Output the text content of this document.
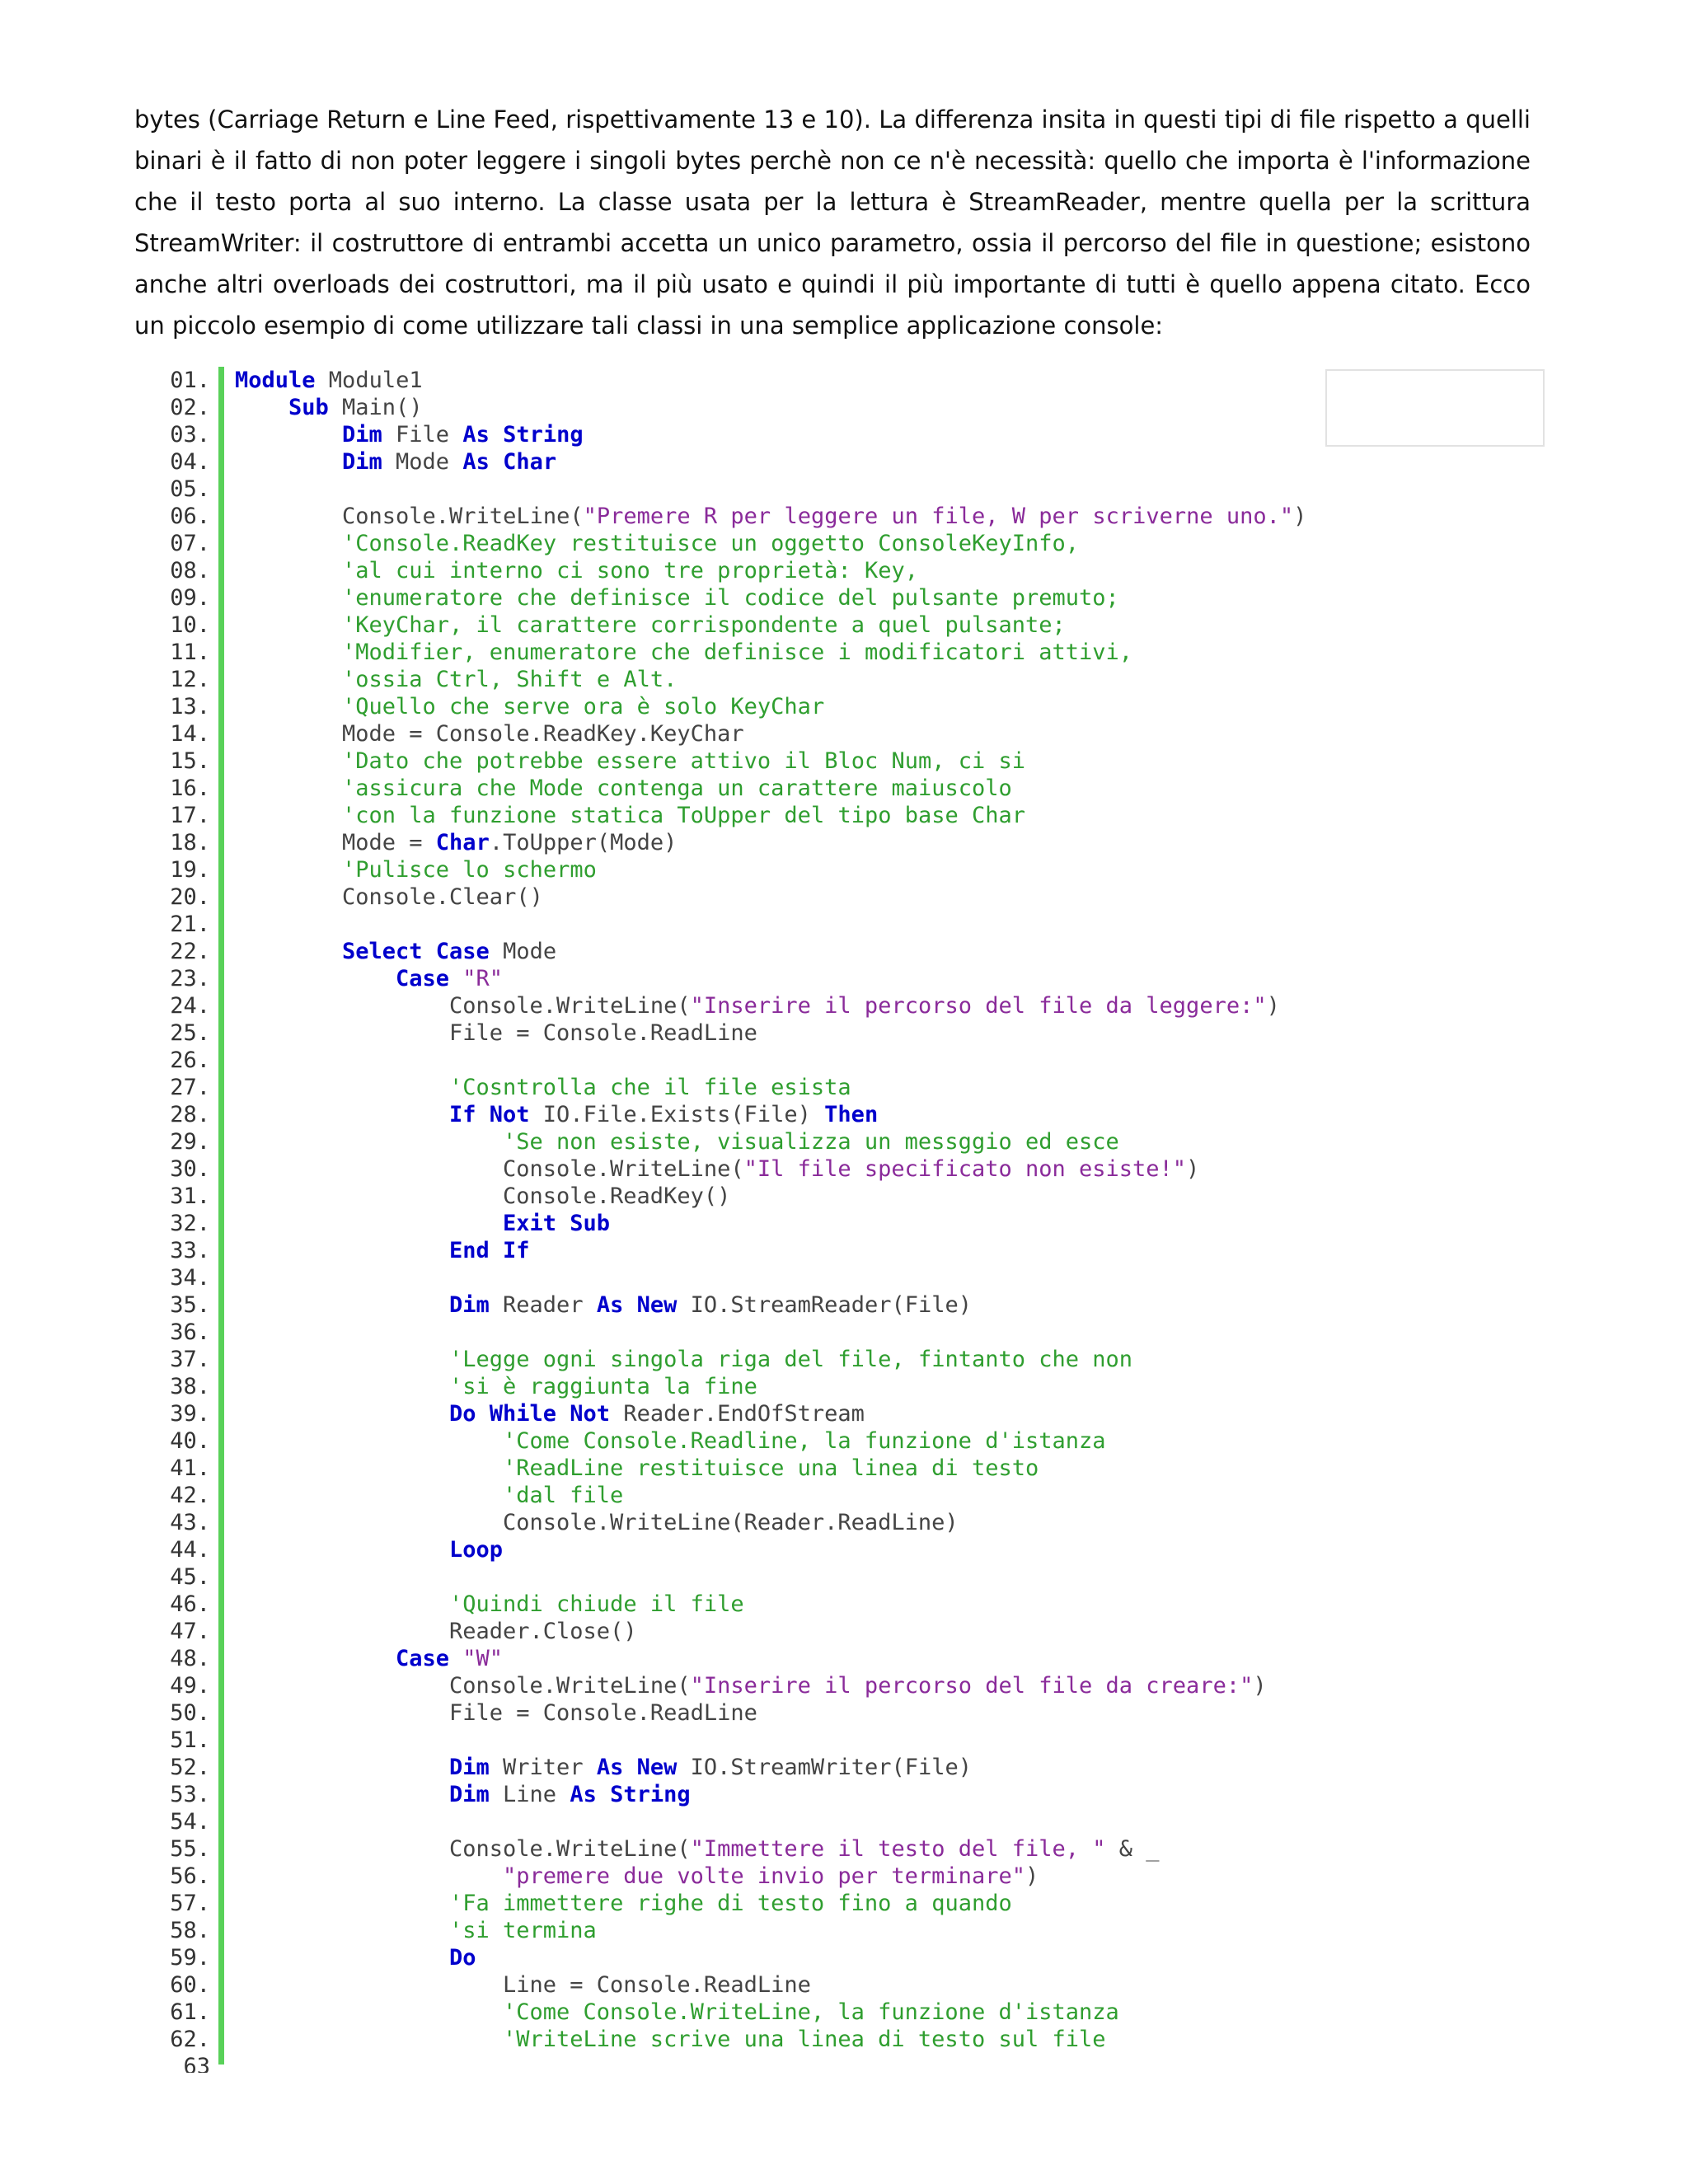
bytes (Carriage Return e Line Feed, rispettivamente 13 e 10). La differenza insita in questi tipi di file rispetto a quelli binari è il fatto di non poter leggere i singoli bytes perchè non ce n'è necessità: quello che importa è l'informazione che il testo porta al suo interno. La classe usata per la lettura è StreamReader, mentre quella per la scrittura StreamWriter: il costruttore di entrambi accetta un unico parametro, ossia il percorso del file in questione; esistono anche altri overloads dei costruttori, ma il più usato e quindi il più importante di tutti è quello appena citato. Ecco un piccolo esempio di come utilizzare tali classi in una semplice applicazione console:

01. Module Module1
02.	Sub Main()
03.	Dim File As String
04.	Dim Mode As Char
05.
06.	Console.WriteLine("Premere R per leggere un file, W per scriverne uno.")
07.	'Console.ReadKey restituisce un oggetto ConsoleKeyInfo,
08.	'al cui interno ci sono tre proprietà: Key,
09.	'enumeratore che definisce il codice del pulsante premuto;
10.	'KeyChar, il carattere corrispondente a quel pulsante;
11.	'Modifier, enumeratore che definisce i modificatori attivi,
12.	'ossia Ctrl, Shift e Alt.
13.	'Quello che serve ora è solo KeyChar
14.	Mode = Console.ReadKey.KeyChar
15.	'Dato che potrebbe essere attivo il Bloc Num, ci si
16.	'assicura che Mode contenga un carattere maiuscolo
17.	'con la funzione statica ToUpper del tipo base Char
18.	Mode = Char.ToUpper(Mode)
19.	'Pulisce lo schermo
20.	Console.Clear()
21.
22.	Select Case Mode
23.	Case "R"
24.	Console.WriteLine("Inserire il percorso del file da leggere:")
25.	File = Console.ReadLine
26.
27.	'Cosntrolla che il file esista
28.	If Not IO.File.Exists(File) Then
29.	'Se non esiste, visualizza un messggio ed esce
30.	Console.WriteLine("Il file specificato non esiste!")
31.	Console.ReadKey()
32.	Exit Sub
33.	End If
34.
35.	Dim Reader As New IO.StreamReader(File)
36.
37.	'Legge ogni singola riga del file, fintanto che non
38.	'si è raggiunta la fine
39.	Do While Not Reader.EndOfStream
40.	'Come Console.Readline, la funzione d'istanza
41.	'ReadLine restituisce una linea di testo
42.	'dal file
43.	Console.WriteLine(Reader.ReadLine)
44.	Loop
45.
46.	'Quindi chiude il file
47.	Reader.Close()
48.	Case "W"
49.	Console.WriteLine("Inserire il percorso del file da creare:")
50.	File = Console.ReadLine
51.
52.	Dim Writer As New IO.StreamWriter(File)
53.	Dim Line As String
54.
55.	Console.WriteLine("Immettere il testo del file, " & _
56.	"premere due volte invio per terminare")
57.	'Fa immettere righe di testo fino a quando
58.	'si termina
59.	Do
60.	Line = Console.ReadLine
61.	'Come Console.WriteLine, la funzione d'istanza
62.	'WriteLine scrive una linea di testo sul file
63
